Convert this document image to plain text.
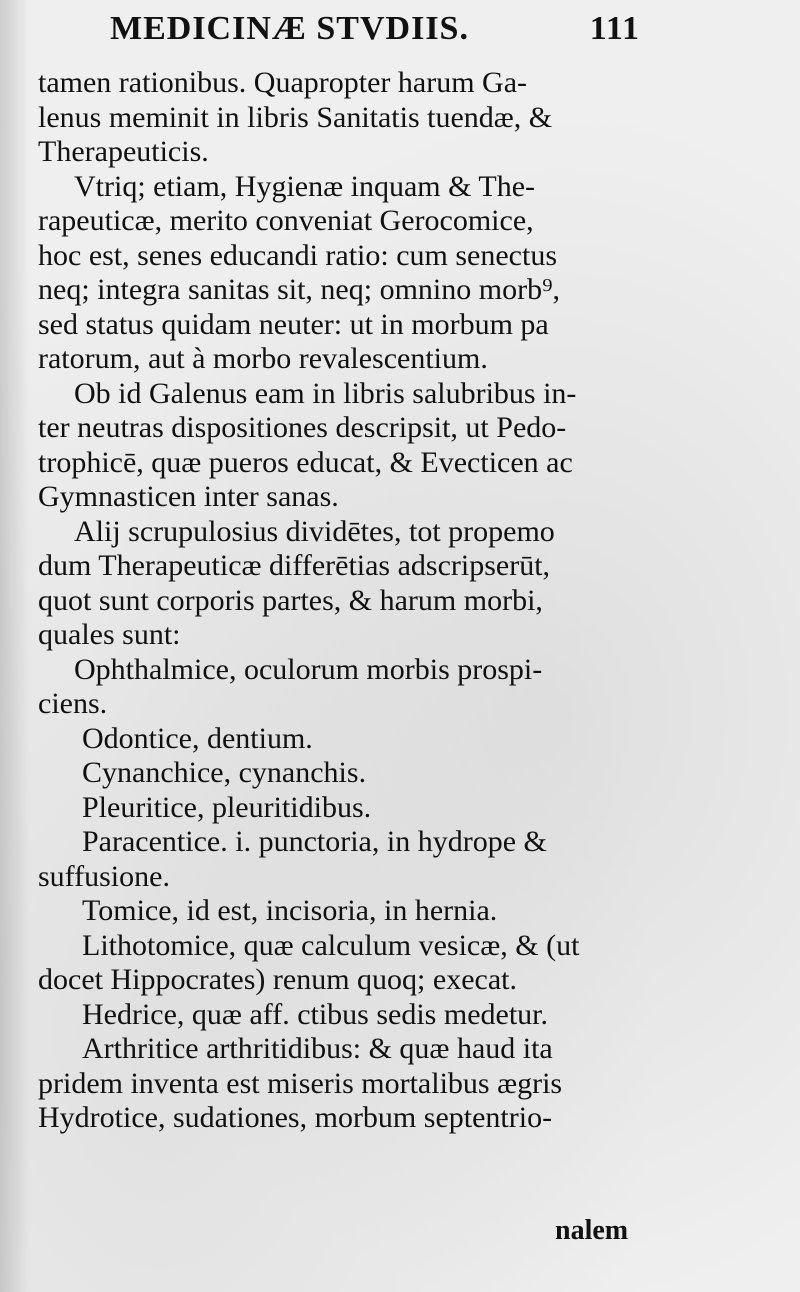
MEDICINÆ STVDIIS.	111
tamen rationibus. Quapropter harum Ga-
lenus meminit in libris Sanitatis tuendæ, &
Therapeuticis.
Vtriq; etiam, Hygienæ inquam & The-
rapeuticæ, merito conveniat Gerocomice,
hoc est, senes educandi ratio: cum senectus
neq; integra sanitas sit, neq; omnino morb⁹,
sed status quidam neuter: ut in morbum pa
ratorum, aut à morbo revalescentium.
Ob id Galenus eam in libris salubribus in-
ter neutras dispositiones descripsit, ut Pedo-
trophicē, quæ pueros educat, & Evecticen ac
Gymnasticen inter sanas.
Alij scrupulosius dividētes, tot propemo
dum Therapeuticæ differētias adscripserūt,
quot sunt corporis partes, & harum morbi,
quales sunt:
Ophthalmice, oculorum morbis prospi-
ciens.
Odontice, dentium.
Cynanchice, cynanchis.
Pleuritice, pleuritidibus.
Paracentice. i. punctoria, in hydrope &
suffusione.
Tomice, id est, incisoria, in hernia.
Lithotomice, quæ calculum vesicæ, & (ut
docet Hippocrates) renum quoq; execat.
Hedrice, quæ aff. ctibus sedis medetur.
Arthritice arthritidibus: & quæ haud ita
pridem inventa est miseris mortalibus ægris
Hydrotice, sudationes, morbum septentrio-
nalem
